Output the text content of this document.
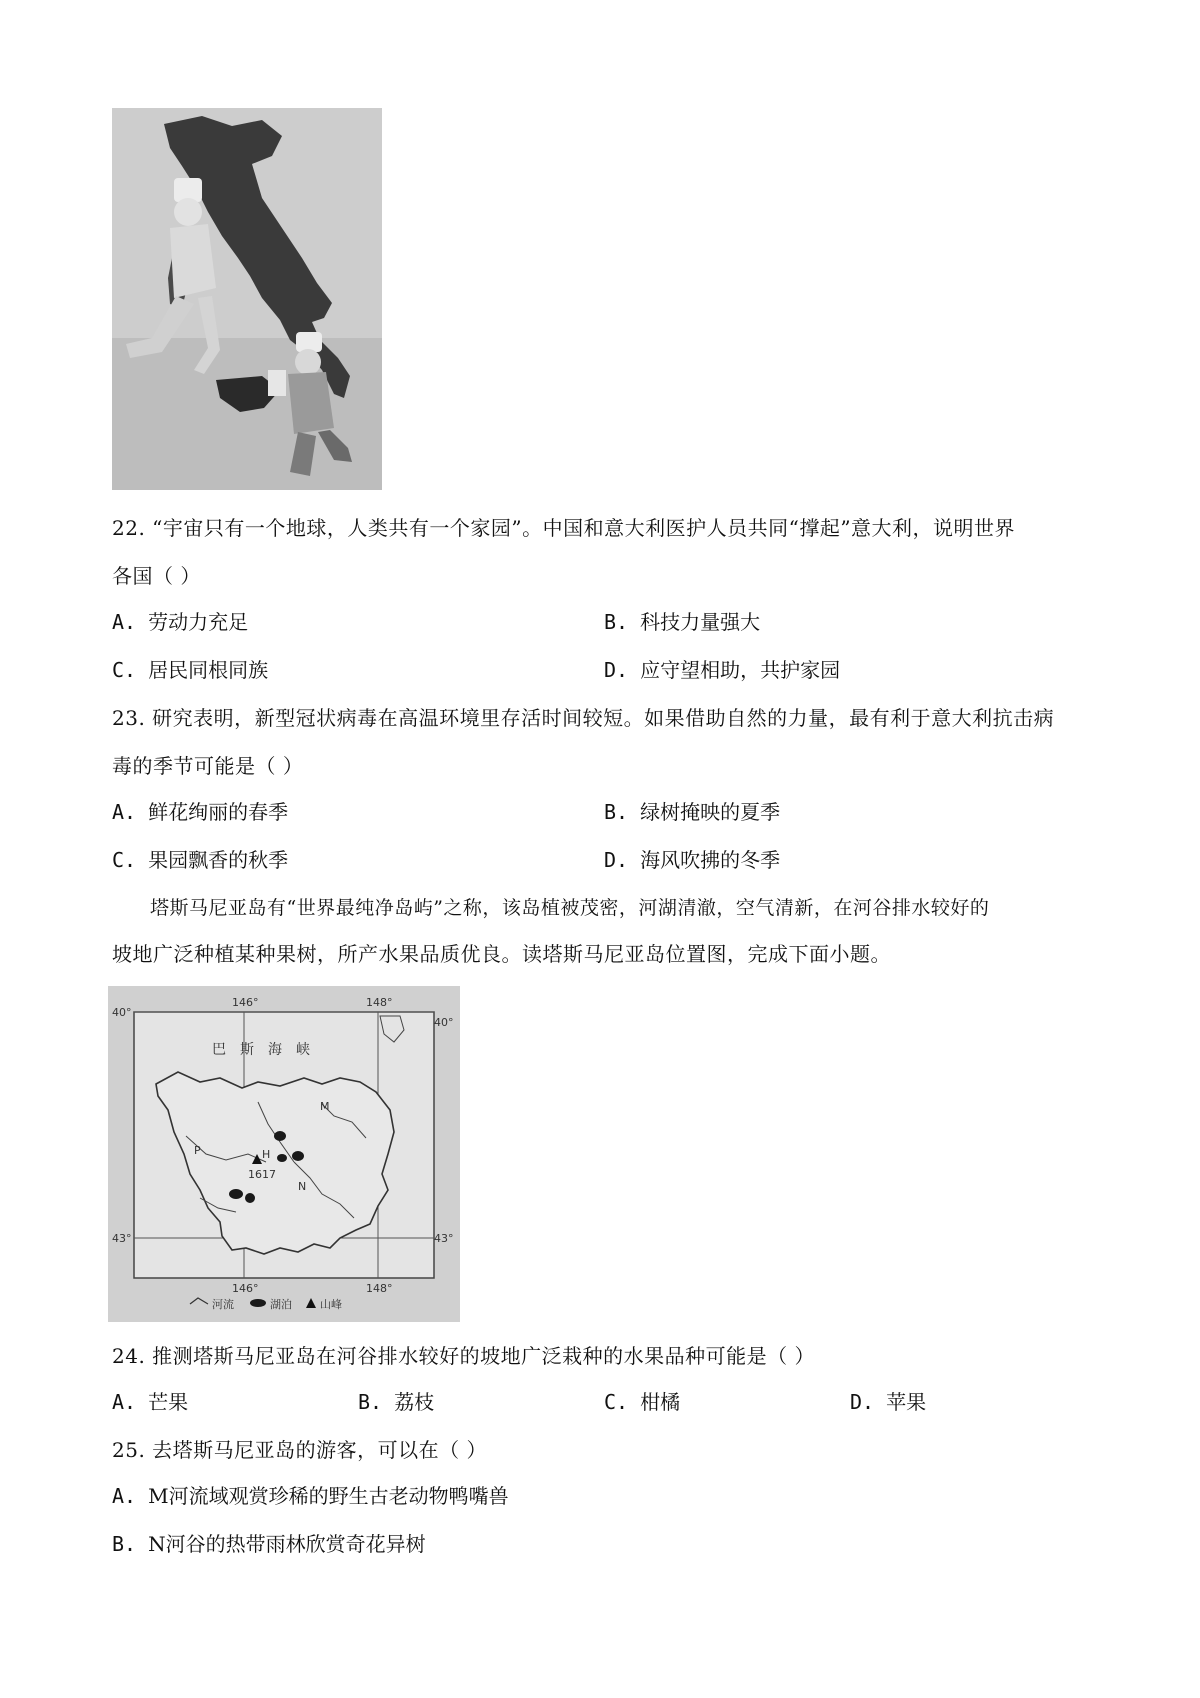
22. “宇宙只有一个地球，人类共有一个家园”。中国和意大利医护人员共同“撑起”意大利，说明世界
各国（ ）
A. 劳动力充足	B. 科技力量强大
C. 居民同根同族	D. 应守望相助，共护家园
23. 研究表明，新型冠状病毒在高温环境里存活时间较短。如果借助自然的力量，最有利于意大利抗击病
毒的季节可能是（ ）
A. 鲜花绚丽的春季	B. 绿树掩映的夏季
C. 果园飘香的秋季	D. 海风吹拂的冬季
塔斯马尼亚岛有“世界最纯净岛屿”之称，该岛植被茂密，河湖清澈，空气清新，在河谷排水较好的
坡地广泛种植某种果树，所产水果品质优良。读塔斯马尼亚岛位置图，完成下面小题。
146°	148°
40°
40°
43°	43°
146°	148°
巴斯海峡
M
N
P	H
1617
河流	湖泊	山峰
24. 推测塔斯马尼亚岛在河谷排水较好的坡地广泛栽种的水果品种可能是（ ）
A. 芒果	B. 荔枝	C. 柑橘	D. 苹果
25. 去塔斯马尼亚岛的游客，可以在（ ）
A. M河流域观赏珍稀的野生古老动物鸭嘴兽
B. N河谷的热带雨林欣赏奇花异树
